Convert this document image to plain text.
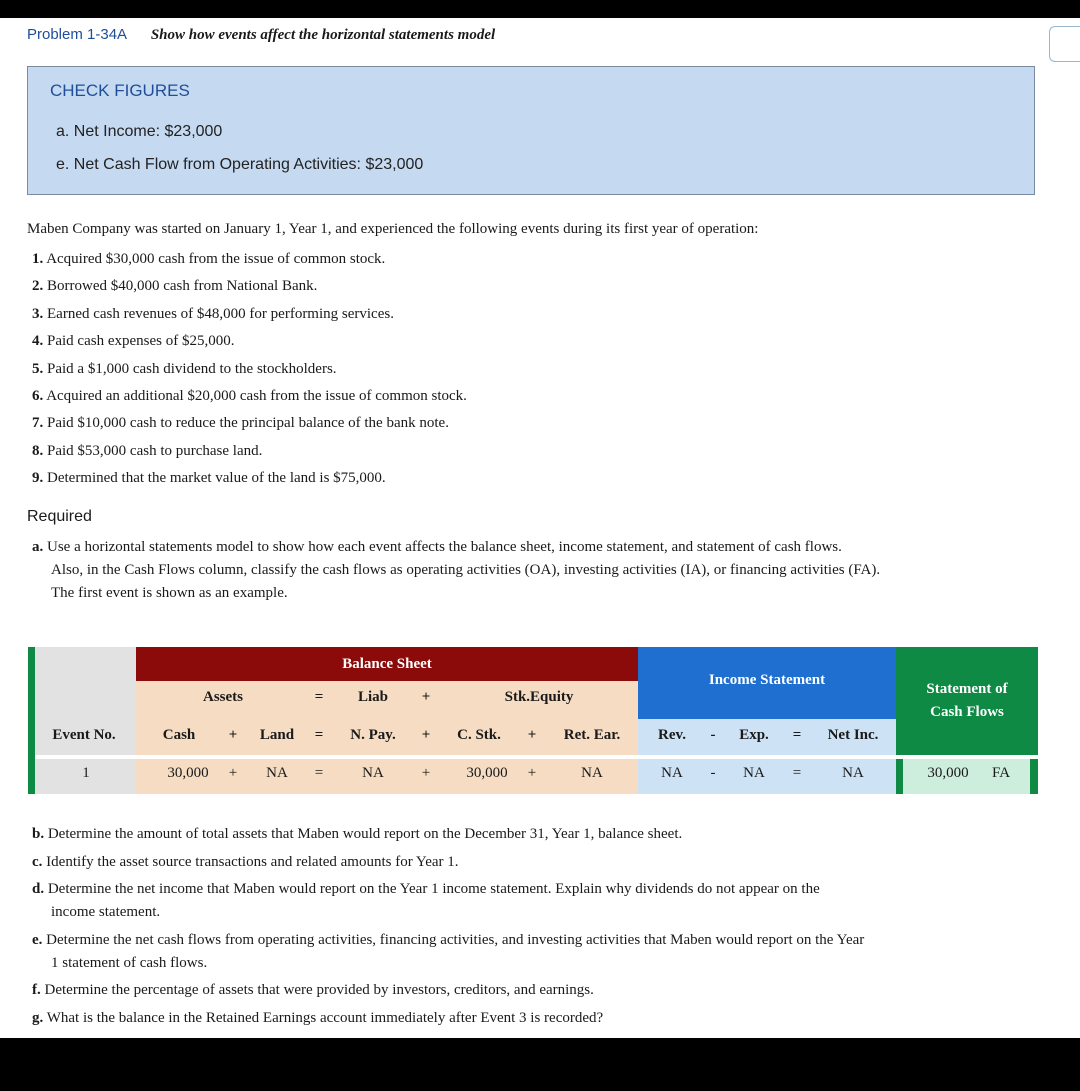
Problem 1-34A Show how events affect the horizontal statements model
CHECK FIGURES
a. Net Income: $23,000
e. Net Cash Flow from Operating Activities: $23,000
Maben Company was started on January 1, Year 1, and experienced the following events during its first year of operation:
1. Acquired $30,000 cash from the issue of common stock.
2. Borrowed $40,000 cash from National Bank.
3. Earned cash revenues of $48,000 for performing services.
4. Paid cash expenses of $25,000.
5. Paid a $1,000 cash dividend to the stockholders.
6. Acquired an additional $20,000 cash from the issue of common stock.
7. Paid $10,000 cash to reduce the principal balance of the bank note.
8. Paid $53,000 cash to purchase land.
9. Determined that the market value of the land is $75,000.
Required
a. Use a horizontal statements model to show how each event affects the balance sheet, income statement, and statement of cash flows.
Also, in the Cash Flows column, classify the cash flows as operating activities (OA), investing activities (IA), or financing activities (FA).
The first event is shown as an example.
Balance Sheet
Income Statement
Statement of
Cash Flows
Assets	= Liab +	Stk.Equity
Event No.	Cash + Land = N. Pay. + C. Stk. + Ret. Ear.	Rev. - Exp. = Net Inc.
1	30,000 + NA =	NA	+ 30,000 +	NA	NA - NA =	NA	30,000 FA
b. Determine the amount of total assets that Maben would report on the December 31, Year 1, balance sheet.
c. Identify the asset source transactions and related amounts for Year 1.
d. Determine the net income that Maben would report on the Year 1 income statement. Explain why dividends do not appear on the
income statement.
e. Determine the net cash flows from operating activities, financing activities, and investing activities that Maben would report on the Year
1 statement of cash flows.
f. Determine the percentage of assets that were provided by investors, creditors, and earnings.
g. What is the balance in the Retained Earnings account immediately after Event 3 is recorded?
